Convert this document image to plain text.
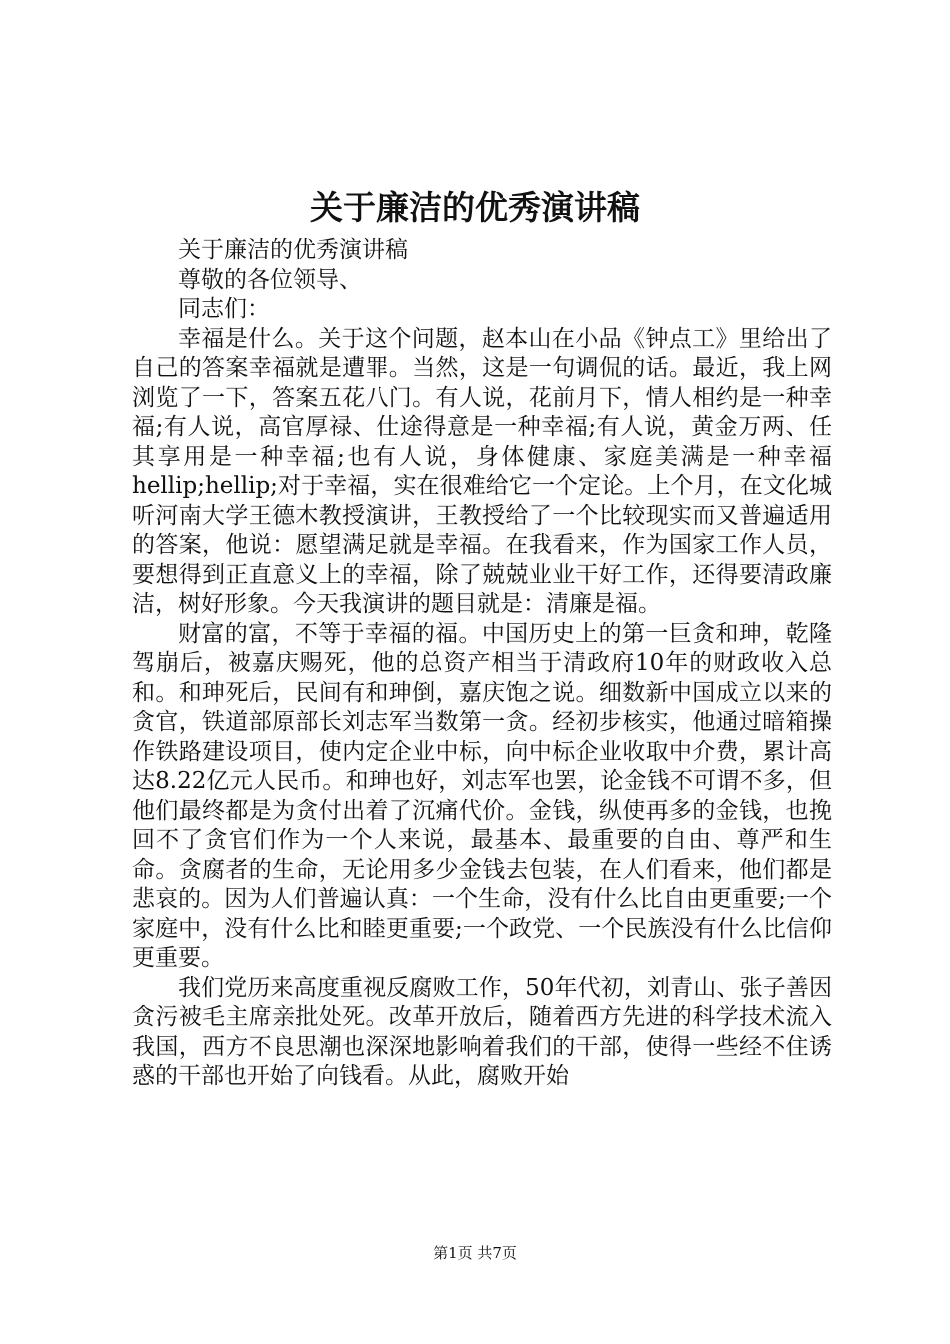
关于廉洁的优秀演讲稿

关于廉洁的优秀演讲稿

尊敬的各位领导、

同志们：

幸福是什么。关于这个问题，赵本山在小品《钟点工》里给出了自己的答案幸福就是遭罪。当然，这是一句调侃的话。最近，我上网浏览了一下，答案五花八门。有人说，花前月下，情人相约是一种幸福;有人说，高官厚禄、仕途得意是一种幸福;有人说，黄金万两、任其享用是一种幸福;也有人说，身体健康、家庭美满是一种幸福hellip;hellip;对于幸福，实在很难给它一个定论。上个月，在文化城听河南大学王德木教授演讲，王教授给了一个比较现实而又普遍适用的答案，他说：愿望满足就是幸福。在我看来，作为国家工作人员，要想得到正直意义上的幸福，除了兢兢业业干好工作，还得要清政廉洁，树好形象。今天我演讲的题目就是：清廉是福。

财富的富，不等于幸福的福。中国历史上的第一巨贪和珅，乾隆驾崩后，被嘉庆赐死，他的总资产相当于清政府10年的财政收入总和。和珅死后，民间有和珅倒，嘉庆饱之说。细数新中国成立以来的贪官，铁道部原部长刘志军当数第一贪。经初步核实，他通过暗箱操作铁路建设项目，使内定企业中标，向中标企业收取中介费，累计高达8.22亿元人民币。和珅也好，刘志军也罢，论金钱不可谓不多，但他们最终都是为贪付出着了沉痛代价。金钱，纵使再多的金钱，也挽回不了贪官们作为一个人来说，最基本、最重要的自由、尊严和生命。贪腐者的生命，无论用多少金钱去包装，在人们看来，他们都是悲哀的。因为人们普遍认真：一个生命，没有什么比自由更重要;一个家庭中，没有什么比和睦更重要;一个政党、一个民族没有什么比信仰更重要。

我们党历来高度重视反腐败工作，50年代初，刘青山、张子善因贪污被毛主席亲批处死。改革开放后，随着西方先进的科学技术流入我国，西方不良思潮也深深地影响着我们的干部，使得一些经不住诱惑的干部也开始了向钱看。从此，腐败开始

第1页 共7页
